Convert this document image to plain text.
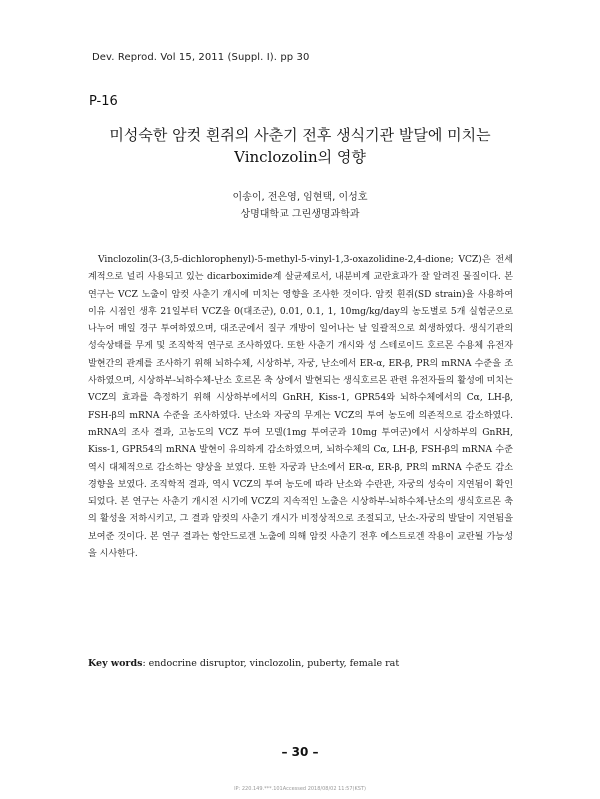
Dev. Reprod. Vol 15, 2011 (Suppl. I). pp 30
P-16
미성숙한 암컷 흰쥐의 사춘기 전후 생식기관 발달에 미치는
Vinclozolin의 영향
이송이, 전은영, 임현택, 이성호
상명대학교 그린생명과학과

Vinclozolin(3-(3,5-dichlorophenyl)-5-methyl-5-vinyl-1,3-oxazolidine-2,4-dione; VCZ)은 전세계적으로 널리 사용되고 있는 dicarboximide계 살균제로서, 내분비계 교란효과가 잘 알려진 물질이다. 본 연구는 VCZ 노출이 암컷 사춘기 개시에 미치는 영향을 조사한 것이다. 암컷 흰쥐(SD strain)을 사용하여 이유 시점인 생후 21일부터 VCZ을 0(대조군), 0.01, 0.1, 1, 10mg/kg/day의 농도별로 5개 실험군으로 나누어 매일 경구 투여하였으며, 대조군에서 질구 개방이 일어나는 날 일괄적으로 희생하였다. 생식기관의 성숙상태를 무게 및 조직학적 연구로 조사하였다. 또한 사춘기 개시와 성 스테로이드 호르몬 수용체 유전자 발현간의 관계를 조사하기 위해 뇌하수체, 시상하부, 자궁, 난소에서 ER-α, ER-β, PR의 mRNA 수준을 조사하였으며, 시상하부-뇌하수체-난소 호르몬 축 상에서 발현되는 생식호르몬 관련 유전자들의 활성에 미치는 VCZ의 효과를 측정하기 위해 시상하부에서의 GnRH, Kiss-1, GPR54와 뇌하수체에서의 Cα, LH-β, FSH-β의 mRNA 수준을 조사하였다. 난소와 자궁의 무게는 VCZ의 투여 농도에 의존적으로 감소하였다. mRNA의 조사 결과, 고농도의 VCZ 투여 모델(1mg 투여군과 10mg 투여군)에서 시상하부의 GnRH, Kiss-1, GPR54의 mRNA 발현이 유의하게 감소하였으며, 뇌하수체의 Cα, LH-β, FSH-β의 mRNA 수준 역시 대체적으로 감소하는 양상을 보였다. 또한 자궁과 난소에서 ER-α, ER-β, PR의 mRNA 수준도 감소 경향을 보였다. 조직학적 결과, 역시 VCZ의 투여 농도에 따라 난소와 수란관, 자궁의 성숙이 지연됨이 확인되었다. 본 연구는 사춘기 개시전 시기에 VCZ의 지속적인 노출은 시상하부-뇌하수체-난소의 생식호르몬 축의 활성을 저하시키고, 그 결과 암컷의 사춘기 개시가 비정상적으로 조절되고, 난소-자궁의 발달이 지연됨을 보여준 것이다. 본 연구 결과는 항안드로겐 노출에 의해 암컷 사춘기 전후 에스트로겐 작용이 교란될 가능성을 시사한다.

Key words: endocrine disruptor, vinclozolin, puberty, female rat
– 30 –
IP: 220.149.***.101Accessed 2018/08/02 11:57(KST)
